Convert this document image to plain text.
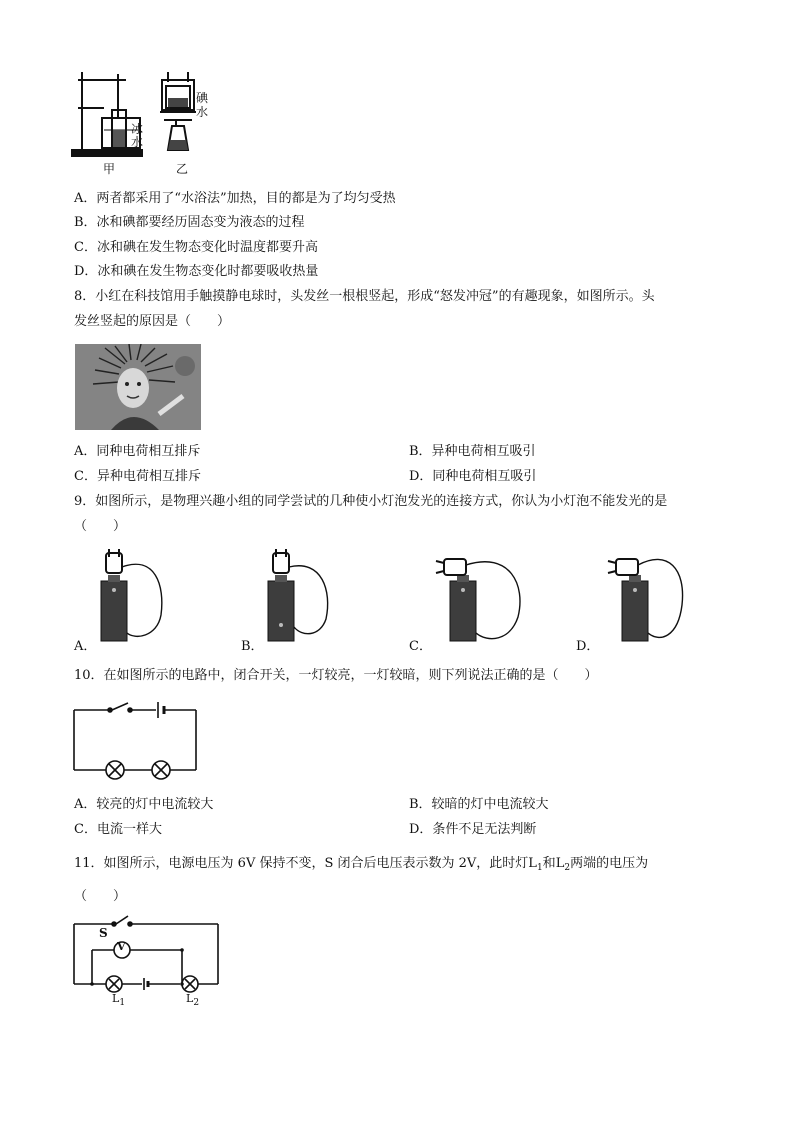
冰
水
碘
水
甲	乙
A．两者都采用了“水浴法”加热，目的都是为了均匀受热
B．冰和碘都要经历固态变为液态的过程
C．冰和碘在发生物态变化时温度都要升高
D．冰和碘在发生物态变化时都要吸收热量
8．小红在科技馆用手触摸静电球时，头发丝一根根竖起，形成“怒发冲冠”的有趣现象，如图所示。头
发丝竖起的原因是（　　）
A．同种电荷相互排斥	B．异种电荷相互吸引
C．异种电荷相互排斥	D．同种电荷相互吸引
9．如图所示，是物理兴趣小组的同学尝试的几种使小灯泡发光的连接方式，你认为小灯泡不能发光的是
（　　）
A．	B．	C．	D．
10．在如图所示的电路中，闭合开关，一灯较亮，一灯较暗，则下列说法正确的是（　　）
A．较亮的灯中电流较大	B．较暗的灯中电流较大
C．电流一样大	D．条件不足无法判断
11．如图所示，电源电压为 6V 保持不变，S 闭合后电压表示数为 2V，此时灯$L_1$和$L_2$两端的电压为
（　　）
S
V
$L_1$	$L_2$
